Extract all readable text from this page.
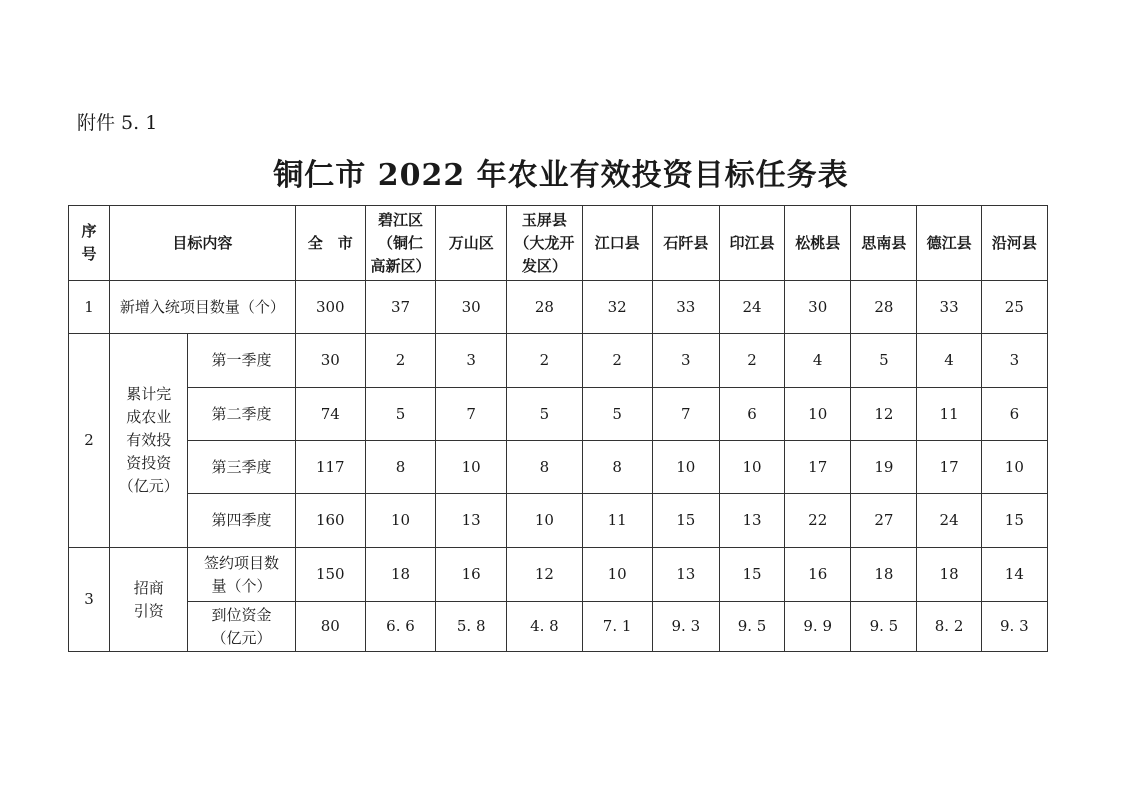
附件 5. 1
铜仁市 2022 年农业有效投资目标任务表
序
号	目标内容		全　市	碧江区
（铜仁
高新区）	万山区	玉屏县
（大龙开
发区）	江口县	石阡县	印江县	松桃县	思南县	德江县	沿河县
1	新增入统项目数量（个）		300	37	30	28	32	33	24	30	28	33	25
2	累计完
成农业
有效投
资投资
（亿元）	第一季度	30	2	3	2	2	3	2	4	5	4	3
		第二季度	74	5	7	5	5	7	6	10	12	11	6
		第三季度	117	8	10	8	8	10	10	17	19	17	10
		第四季度	160	10	13	10	11	15	13	22	27	24	15
3	招商
引资	签约项目数
量（个）	150	18	16	12	10	13	15	16	18	18	14
		到位资金
（亿元）	80	6. 6	5. 8	4. 8	7. 1	9. 3	9. 5	9. 9	9. 5	8. 2	9. 3
